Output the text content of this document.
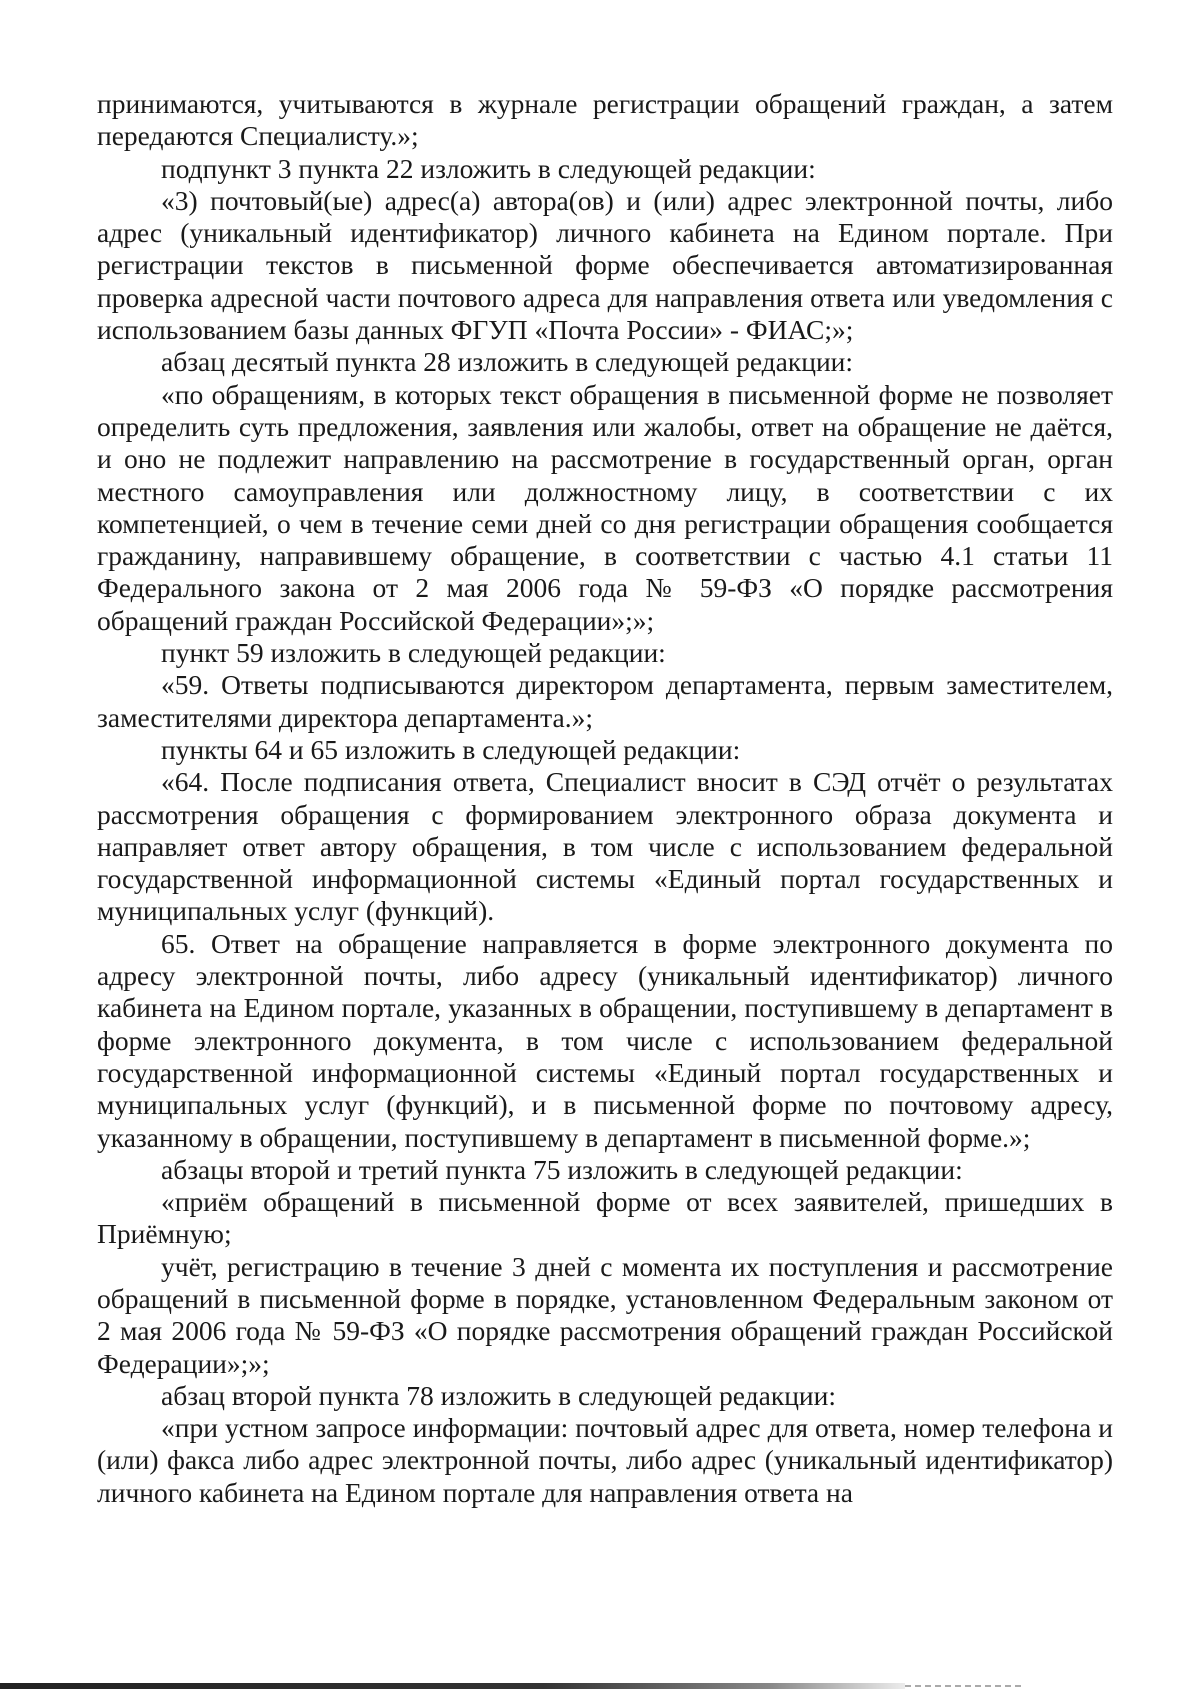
принимаются, учитываются в журнале регистрации обращений граждан, а затем передаются Специалисту.»;

подпункт 3 пункта 22 изложить в следующей редакции:

«3) почтовый(ые) адрес(а) автора(ов) и (или) адрес электронной почты, либо адрес (уникальный идентификатор) личного кабинета на Едином портале. При регистрации текстов в письменной форме обеспечивается автоматизированная проверка адресной части почтового адреса для направления ответа или уведомления с использованием базы данных ФГУП «Почта России» - ФИАС;»;

абзац десятый пункта 28 изложить в следующей редакции:

«по обращениям, в которых текст обращения в письменной форме не позволяет определить суть предложения, заявления или жалобы, ответ на обращение не даётся, и оно не подлежит направлению на рассмотрение в государственный орган, орган местного самоуправления или должностному лицу, в соответствии с их компетенцией, о чем в течение семи дней со дня регистрации обращения сообщается гражданину, направившему обращение, в соответствии с частью 4.1 статьи 11 Федерального закона от 2 мая 2006 года № 59-ФЗ «О порядке рассмотрения обращений граждан Российской Федерации»;»;

пункт 59 изложить в следующей редакции:

«59. Ответы подписываются директором департамента, первым заместителем, заместителями директора департамента.»;

пункты 64 и 65 изложить в следующей редакции:

«64. После подписания ответа, Специалист вносит в СЭД отчёт о результатах рассмотрения обращения с формированием электронного образа документа и направляет ответ автору обращения, в том числе с использованием федеральной государственной информационной системы «Единый портал государственных и муниципальных услуг (функций).

65. Ответ на обращение направляется в форме электронного документа по адресу электронной почты, либо адресу (уникальный идентификатор) личного кабинета на Едином портале, указанных в обращении, поступившему в департамент в форме электронного документа, в том числе с использованием федеральной государственной информационной системы «Единый портал государственных и муниципальных услуг (функций), и в письменной форме по почтовому адресу, указанному в обращении, поступившему в департамент в письменной форме.»;

абзацы второй и третий пункта 75 изложить в следующей редакции:

«приём обращений в письменной форме от всех заявителей, пришедших в Приёмную;

учёт, регистрацию в течение 3 дней с момента их поступления и рассмотрение обращений в письменной форме в порядке, установленном Федеральным законом от 2 мая 2006 года № 59-ФЗ «О порядке рассмотрения обращений граждан Российской Федерации»;»;

абзац второй пункта 78 изложить в следующей редакции:

«при устном запросе информации: почтовый адрес для ответа, номер телефона и (или) факса либо адрес электронной почты, либо адрес (уникальный идентификатор) личного кабинета на Едином портале для направления ответа на
